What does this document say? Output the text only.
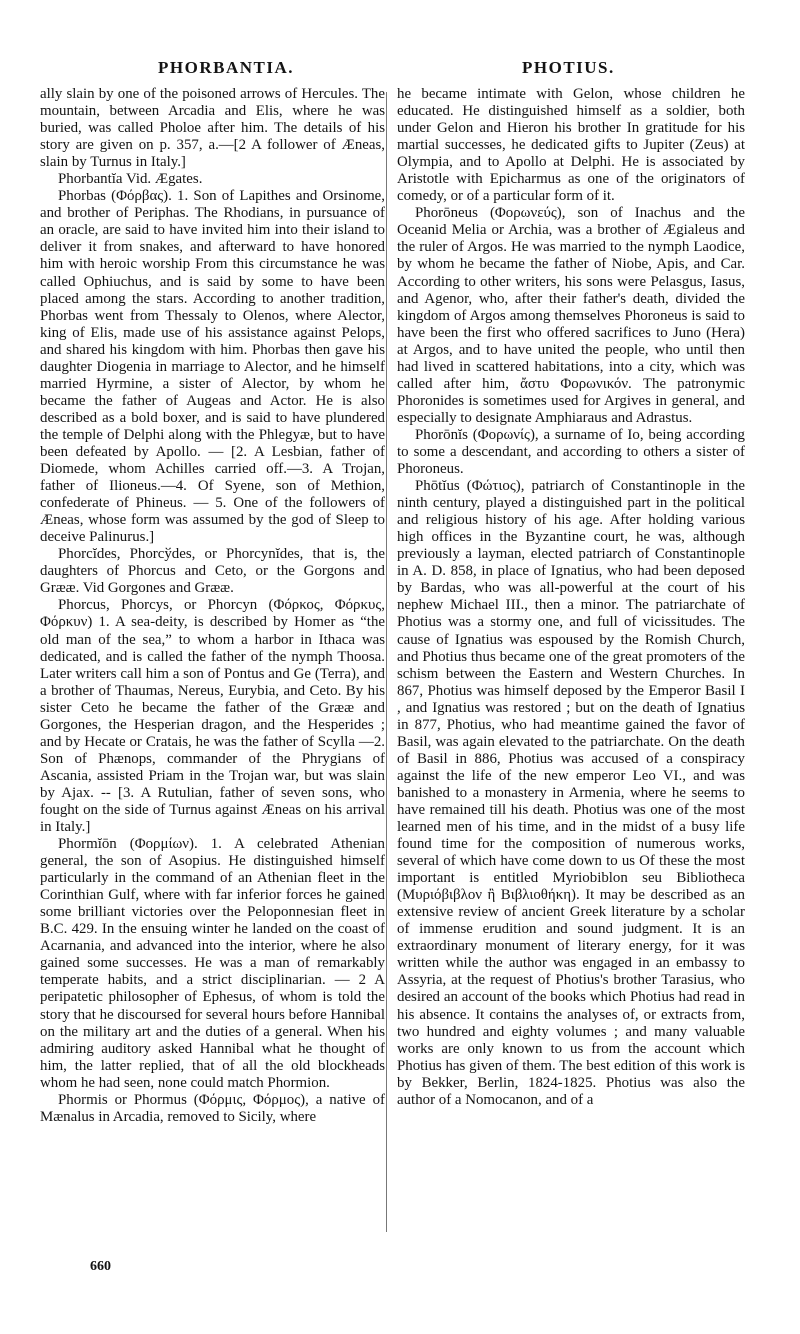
PHORBANTIA.	PHOTIUS.

ally slain by one of the poisoned arrows of Hercules. The mountain, between Arcadia and Elis, where he was buried, was called Pholoe after him. The details of his story are given on p. 357, a.—[2 A follower of Æneas, slain by Turnus in Italy.]

Phorbantĭa Vid. Ægates.

Phorbas (Φόρβας). 1. Son of Lapithes and Orsinome, and brother of Periphas. The Rhodians, in pursuance of an oracle, are said to have invited him into their island to deliver it from snakes, and afterward to have honored him with heroic worship From this circumstance he was called Ophiuchus, and is said by some to have been placed among the stars. According to another tradition, Phorbas went from Thessaly to Olenos, where Alector, king of Elis, made use of his assistance against Pelops, and shared his kingdom with him. Phorbas then gave his daughter Diogenia in marriage to Alector, and he himself married Hyrmine, a sister of Alector, by whom he became the father of Augeas and Actor. He is also described as a bold boxer, and is said to have plundered the temple of Delphi along with the Phlegyæ, but to have been defeated by Apollo. — [2. A Lesbian, father of Diomede, whom Achilles carried off.—3. A Trojan, father of Ilioneus.—4. Of Syene, son of Methion, confederate of Phineus. — 5. One of the followers of Æneas, whose form was assumed by the god of Sleep to deceive Palinurus.]

Phorcĭdes, Phorcўdes, or Phorcynĭdes, that is, the daughters of Phorcus and Ceto, or the Gorgons and Grææ. Vid Gorgones and Grææ.

Phorcus, Phorcys, or Phorcyn (Φόρκος, Φόρκυς, Φόρκυν) 1. A sea-deity, is described by Homer as “the old man of the sea,” to whom a harbor in Ithaca was dedicated, and is called the father of the nymph Thoosa. Later writers call him a son of Pontus and Ge (Terra), and a brother of Thaumas, Nereus, Eurybia, and Ceto. By his sister Ceto he became the father of the Grææ and Gorgones, the Hesperian dragon, and the Hesperides ; and by Hecate or Cratais, he was the father of Scylla —2. Son of Phænops, commander of the Phrygians of Ascania, assisted Priam in the Trojan war, but was slain by Ajax. -- [3. A Rutulian, father of seven sons, who fought on the side of Turnus against Æneas on his arrival in Italy.]

Phormĭōn (Φορμίων). 1. A celebrated Athenian general, the son of Asopius. He distinguished himself particularly in the command of an Athenian fleet in the Corinthian Gulf, where with far inferior forces he gained some brilliant victories over the Peloponnesian fleet in B.C. 429. In the ensuing winter he landed on the coast of Acarnania, and advanced into the interior, where he also gained some successes. He was a man of remarkably temperate habits, and a strict disciplinarian. — 2 A peripatetic philosopher of Ephesus, of whom is told the story that he discoursed for several hours before Hannibal on the military art and the duties of a general. When his admiring auditory asked Hannibal what he thought of him, the latter replied, that of all the old blockheads whom he had seen, none could match Phormion.

Phormis or Phormus (Φόρμις, Φόρμος), a native of Mænalus in Arcadia, removed to Sicily, where

he became intimate with Gelon, whose children he educated. He distinguished himself as a soldier, both under Gelon and Hieron his brother In gratitude for his martial successes, he dedicated gifts to Jupiter (Zeus) at Olympia, and to Apollo at Delphi. He is associated by Aristotle with Epicharmus as one of the originators of comedy, or of a particular form of it.

Phorōneus (Φορωνεύς), son of Inachus and the Oceanid Melia or Archia, was a brother of Ægialeus and the ruler of Argos. He was married to the nymph Laodice, by whom he became the father of Niobe, Apis, and Car. According to other writers, his sons were Pelasgus, Iasus, and Agenor, who, after their father's death, divided the kingdom of Argos among themselves Phoroneus is said to have been the first who offered sacrifices to Juno (Hera) at Argos, and to have united the people, who until then had lived in scattered habitations, into a city, which was called after him, ἄστυ Φορωνικόν. The patronymic Phoronides is sometimes used for Argives in general, and especially to designate Amphiaraus and Adrastus.

Phorōnĭs (Φορωνίς), a surname of Io, being according to some a descendant, and according to others a sister of Phoroneus.

Phōtĭus (Φώτιος), patriarch of Constantinople in the ninth century, played a distinguished part in the political and religious history of his age. After holding various high offices in the Byzantine court, he was, although previously a layman, elected patriarch of Constantinople in A. D. 858, in place of Ignatius, who had been deposed by Bardas, who was all-powerful at the court of his nephew Michael III., then a minor. The patriarchate of Photius was a stormy one, and full of vicissitudes. The cause of Ignatius was espoused by the Romish Church, and Photius thus became one of the great promoters of the schism between the Eastern and Western Churches. In 867, Photius was himself deposed by the Emperor Basil I , and Ignatius was restored ; but on the death of Ignatius in 877, Photius, who had meantime gained the favor of Basil, was again elevated to the patriarchate. On the death of Basil in 886, Photius was accused of a conspiracy against the life of the new emperor Leo VI., and was banished to a monastery in Armenia, where he seems to have remained till his death. Photius was one of the most learned men of his time, and in the midst of a busy life found time for the composition of numerous works, several of which have come down to us Of these the most important is entitled Myriobiblon seu Bibliotheca (Μυριόβιβλον ἢ Βιβλιοθήκη). It may be described as an extensive review of ancient Greek literature by a scholar of immense erudition and sound judgment. It is an extraordinary monument of literary energy, for it was written while the author was engaged in an embassy to Assyria, at the request of Photius's brother Tarasius, who desired an account of the books which Photius had read in his absence. It contains the analyses of, or extracts from, two hundred and eighty volumes ; and many valuable works are only known to us from the account which Photius has given of them. The best edition of this work is by Bekker, Berlin, 1824-1825. Photius was also the author of a Nomocanon, and of a

660
